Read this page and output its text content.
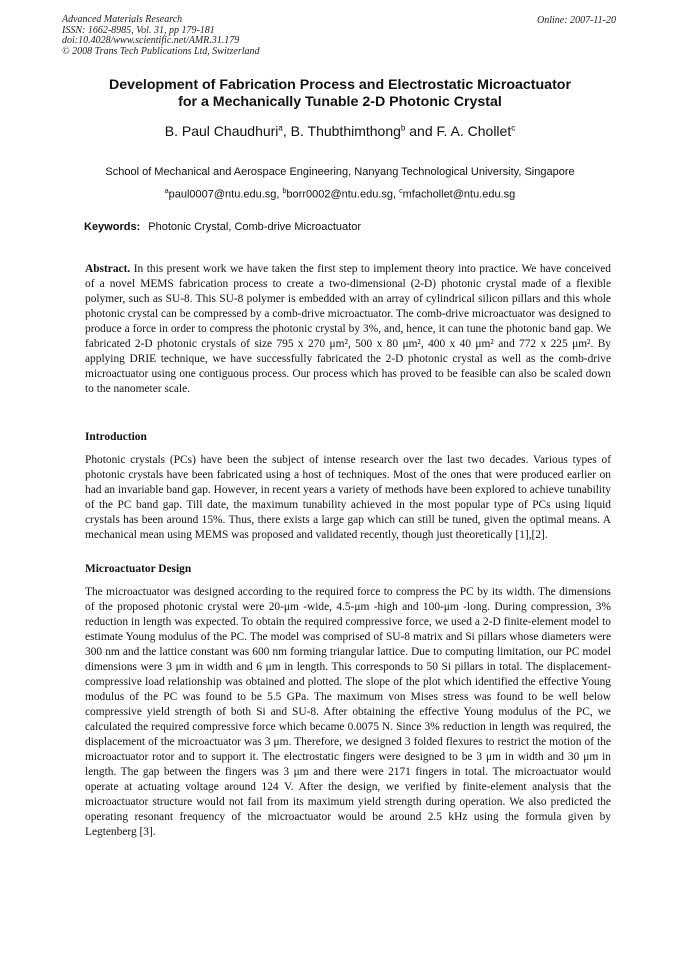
Advanced Materials Research
ISSN: 1662-8985, Vol. 31, pp 179-181
doi:10.4028/www.scientific.net/AMR.31.179
© 2008 Trans Tech Publications Ltd, Switzerland
Online: 2007-11-20
Development of Fabrication Process and Electrostatic Microactuator
for a Mechanically Tunable 2-D Photonic Crystal
B. Paul Chaudhuri$^a$, B. Thubthimthong$^b$ and F. A. Chollet$^c$
School of Mechanical and Aerospace Engineering, Nanyang Technological University, Singapore
$^a$paul0007@ntu.edu.sg, $^b$borr0002@ntu.edu.sg, $^c$mfachollet@ntu.edu.sg
Keywords: Photonic Crystal, Comb-drive Microactuator
Abstract. In this present work we have taken the first step to implement theory into practice. We have conceived of a novel MEMS fabrication process to create a two-dimensional (2-D) photonic crystal made of a flexible polymer, such as SU-8. This SU-8 polymer is embedded with an array of cylindrical silicon pillars and this whole photonic crystal can be compressed by a comb-drive microactuator. The comb-drive microactuator was designed to produce a force in order to compress the photonic crystal by 3%, and, hence, it can tune the photonic band gap. We fabricated 2-D photonic crystals of size 795 x 270 μm², 500 x 80 μm², 400 x 40 μm² and 772 x 225 μm². By applying DRIE technique, we have successfully fabricated the 2-D photonic crystal as well as the comb-drive microactuator using one contiguous process. Our process which has proved to be feasible can also be scaled down to the nanometer scale.
Introduction
Photonic crystals (PCs) have been the subject of intense research over the last two decades. Various types of photonic crystals have been fabricated using a host of techniques. Most of the ones that were produced earlier on had an invariable band gap. However, in recent years a variety of methods have been explored to achieve tunability of the PC band gap. Till date, the maximum tunability achieved in the most popular type of PCs using liquid crystals has been around 15%. Thus, there exists a large gap which can still be tuned, given the optimal means. A mechanical mean using MEMS was proposed and validated recently, though just theoretically [1],[2].
Microactuator Design
The microactuator was designed according to the required force to compress the PC by its width. The dimensions of the proposed photonic crystal were 20-μm -wide, 4.5-μm -high and 100-μm -long. During compression, 3% reduction in length was expected. To obtain the required compressive force, we used a 2-D finite-element model to estimate Young modulus of the PC. The model was comprised of SU-8 matrix and Si pillars whose diameters were 300 nm and the lattice constant was 600 nm forming triangular lattice. Due to computing limitation, our PC model dimensions were 3 μm in width and 6 μm in length. This corresponds to 50 Si pillars in total. The displacement-compressive load relationship was obtained and plotted. The slope of the plot which identified the effective Young modulus of the PC was found to be 5.5 GPa. The maximum von Mises stress was found to be well below compressive yield strength of both Si and SU-8. After obtaining the effective Young modulus of the PC, we calculated the required compressive force which became 0.0075 N. Since 3% reduction in length was required, the displacement of the microactuator was 3 μm. Therefore, we designed 3 folded flexures to restrict the motion of the microactuator rotor and to support it. The electrostatic fingers were designed to be 3 μm in width and 30 μm in length. The gap between the fingers was 3 μm and there were 2171 fingers in total. The microactuator would operate at actuating voltage around 124 V. After the design, we verified by finite-element analysis that the microactuator structure would not fail from its maximum yield strength during operation. We also predicted the operating resonant frequency of the microactuator would be around 2.5 kHz using the formula given by Legtenberg [3].
